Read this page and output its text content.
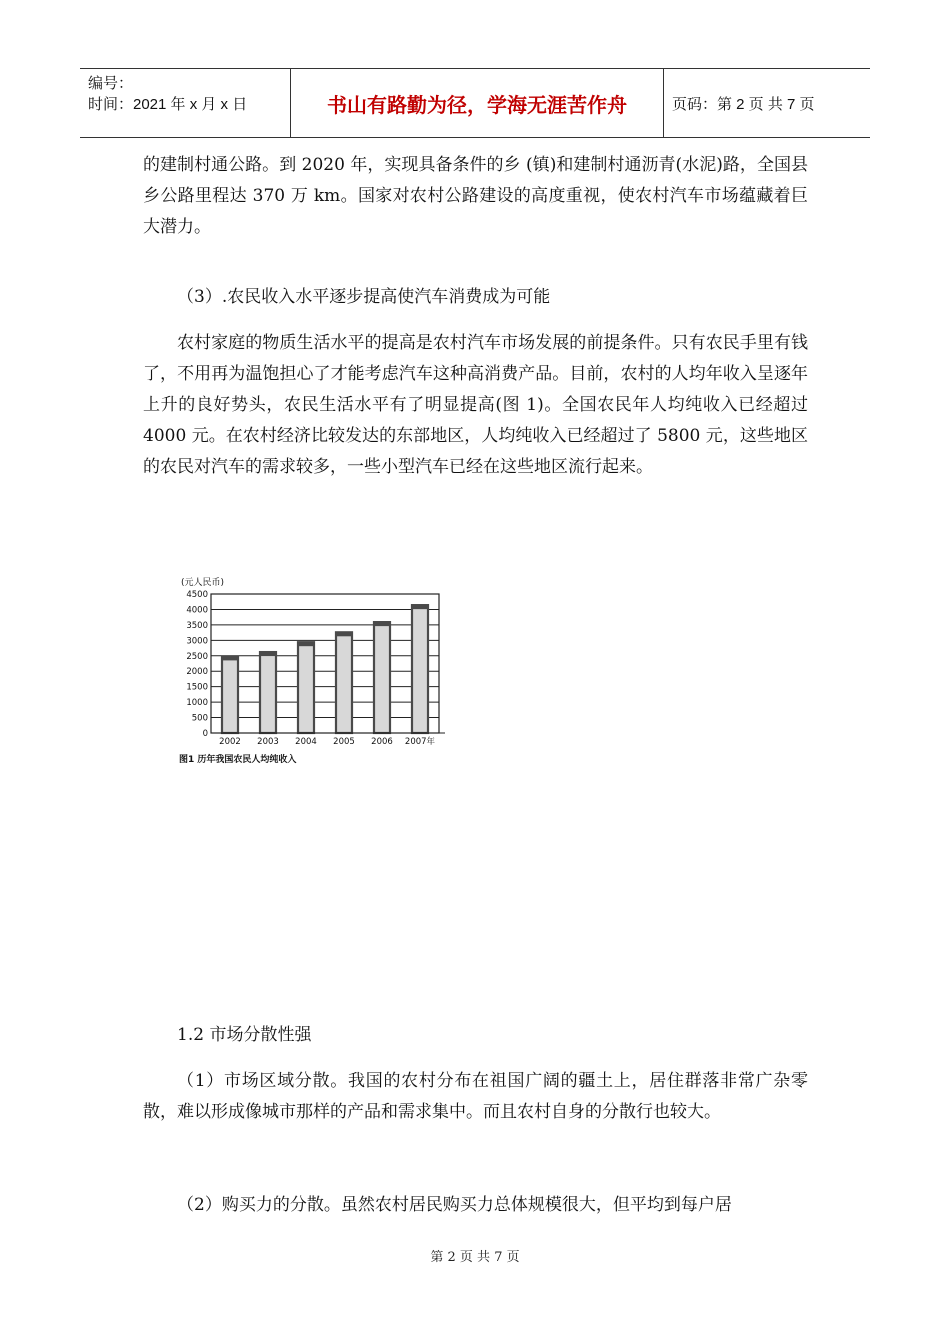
编号：
时间：2021 年 x 月 x 日	书山有路勤为径，学海无涯苦作舟	页码：第 2 页 共 7 页

的建制村通公路。到 2020 年，实现具备条件的乡 (镇)和建制村通沥青(水泥)路，全国县乡公路里程达 370 万 km。国家对农村公路建设的高度重视，使农村汽车市场蕴藏着巨大潜力。

（3）.农民收入水平逐步提高使汽车消费成为可能

农村家庭的物质生活水平的提高是农村汽车市场发展的前提条件。只有农民手里有钱了，不用再为温饱担心了才能考虑汽车这种高消费产品。目前，农村的人均年收入呈逐年上升的良好势头，农民生活水平有了明显提高(图 1)。全国农民年人均纯收入已经超过 4000 元。在农村经济比较发达的东部地区，人均纯收入已经超过了 5800 元，这些地区的农民对汽车的需求较多，一些小型汽车已经在这些地区流行起来。

1.2 市场分散性强

（1）市场区域分散。我国的农村分布在祖国广阔的疆土上，居住群落非常广杂零散，难以形成像城市那样的产品和需求集中。而且农村自身的分散行也较大。

（2）购买力的分散。虽然农村居民购买力总体规模很大，但平均到每户居

(元人民币)
0
500
1000
1500
2000
2500
3000
3500
4000
4500
2002 2003 2004 2005 2006 2007年
图1 历年我国农民人均纯收入
第 2 页 共 7 页
